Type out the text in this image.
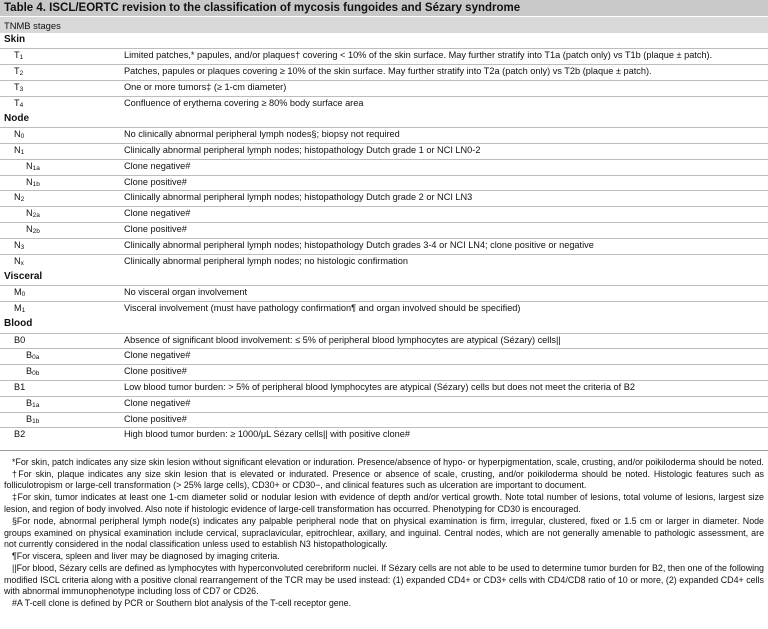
Table 4. ISCL/EORTC revision to the classification of mycosis fungoides and Sézary syndrome
TNMB stages
Skin	
$T_1$	Limited patches,* papules, and/or plaques† covering < 10% of the skin surface. May further stratify into T1a (patch only) vs T1b (plaque ± patch).
$T_2$	Patches, papules or plaques covering ≥ 10% of the skin surface. May further stratify into T2a (patch only) vs T2b (plaque ± patch).
$T_3$	One or more tumors‡ (≥ 1-cm diameter)
$T_4$	Confluence of erythema covering ≥ 80% body surface area
Node	
$N_0$	No clinically abnormal peripheral lymph nodes§; biopsy not required
$N_1$	Clinically abnormal peripheral lymph nodes; histopathology Dutch grade 1 or NCI LN0-2
$N_{1a}$	Clone negative#
$N_{1b}$	Clone positive#
$N_2$	Clinically abnormal peripheral lymph nodes; histopathology Dutch grade 2 or NCI LN3
$N_{2a}$	Clone negative#
$N_{2b}$	Clone positive#
$N_3$	Clinically abnormal peripheral lymph nodes; histopathology Dutch grades 3-4 or NCI LN4; clone positive or negative
$N_x$	Clinically abnormal peripheral lymph nodes; no histologic confirmation
Visceral	
$M_0$	No visceral organ involvement
$M_1$	Visceral involvement (must have pathology confirmation¶ and organ involved should be specified)
Blood	
B0	Absence of significant blood involvement: ≤ 5% of peripheral blood lymphocytes are atypical (Sézary) cells||
$B_{0a}$	Clone negative#
$B_{0b}$	Clone positive#
B1	Low blood tumor burden: > 5% of peripheral blood lymphocytes are atypical (Sézary) cells but does not meet the criteria of B2
$B_{1a}$	Clone negative#
$B_{1b}$	Clone positive#
B2	High blood tumor burden: ≥ 1000/μL Sézary cells|| with positive clone#
*For skin, patch indicates any size skin lesion without significant elevation or induration. Presence/absence of hypo- or hyperpigmentation, scale, crusting, and/or poikiloderma should be noted.
†For skin, plaque indicates any size skin lesion that is elevated or indurated. Presence or absence of scale, crusting, and/or poikiloderma should be noted. Histologic features such as folliculotropism or large-cell transformation (> 25% large cells), CD30+ or CD30−, and clinical features such as ulceration are important to document.
‡For skin, tumor indicates at least one 1-cm diameter solid or nodular lesion with evidence of depth and/or vertical growth. Note total number of lesions, total volume of lesions, largest size lesion, and region of body involved. Also note if histologic evidence of large-cell transformation has occurred. Phenotyping for CD30 is encouraged.
§For node, abnormal peripheral lymph node(s) indicates any palpable peripheral node that on physical examination is firm, irregular, clustered, fixed or 1.5 cm or larger in diameter. Node groups examined on physical examination include cervical, supraclavicular, epitrochlear, axillary, and inguinal. Central nodes, which are not generally amenable to pathologic assessment, are not currently considered in the nodal classification unless used to establish N3 histopathologically.
¶For viscera, spleen and liver may be diagnosed by imaging criteria.
||For blood, Sézary cells are defined as lymphocytes with hyperconvoluted cerebriform nuclei. If Sézary cells are not able to be used to determine tumor burden for B2, then one of the following modified ISCL criteria along with a positive clonal rearrangement of the TCR may be used instead: (1) expanded CD4+ or CD3+ cells with CD4/CD8 ratio of 10 or more, (2) expanded CD4+ cells with abnormal immunophenotype including loss of CD7 or CD26.
#A T-cell clone is defined by PCR or Southern blot analysis of the T-cell receptor gene.
